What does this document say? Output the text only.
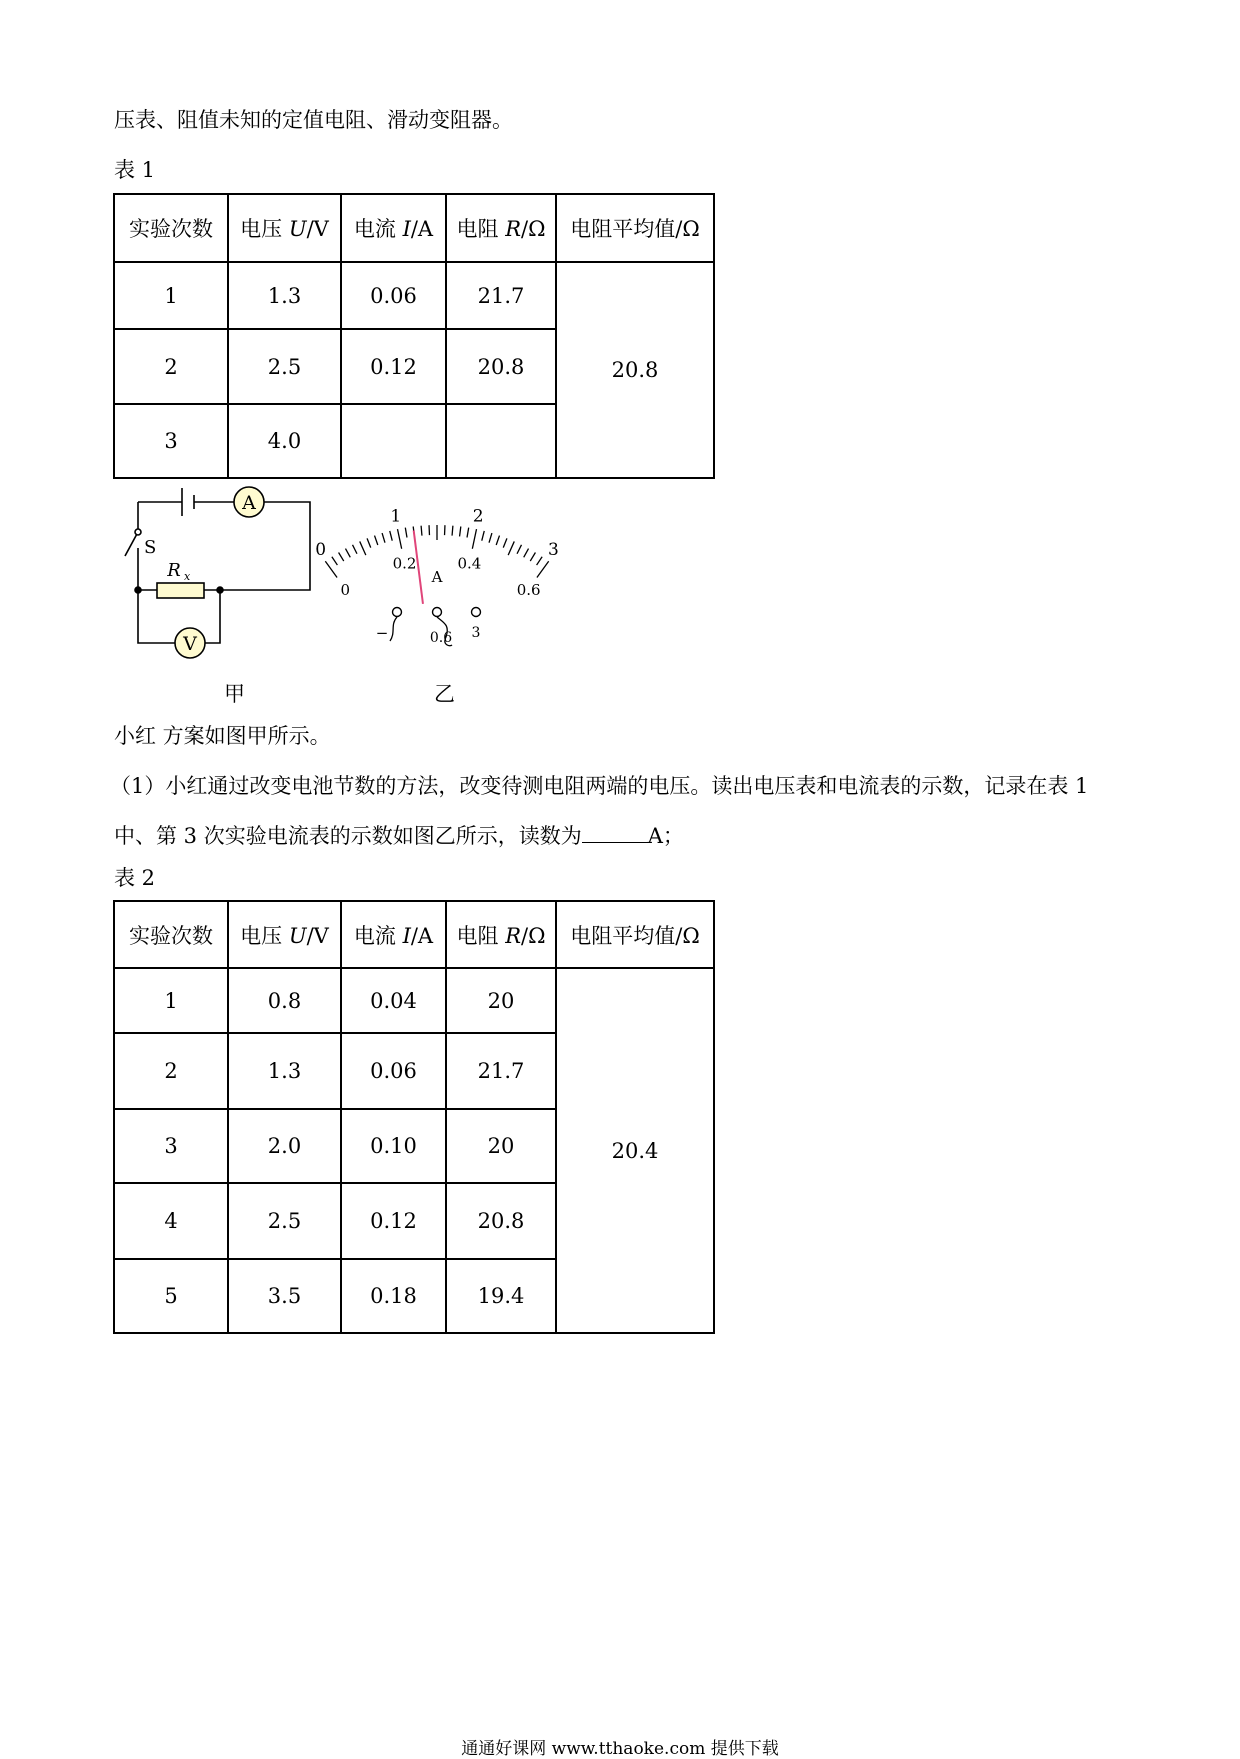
压表、阻值未知的定值电阻、滑动变阻器。
表 1
实验次数	电压 U/V	电流 I/A	电阻 R/Ω	电阻平均值/Ω
1	1.3	0.06	21.7	20.8
2	2.5	0.12	20.8	
3	4.0			
A
R x
V
S
甲
0
1	2
3
0
0.2	0.4
0.6
A
−	0.6 3
乙
小红 方案如图甲所示。
（1）小红通过改变电池节数的方法，改变待测电阻两端的电压。读出电压表和电流表的示数，记录在表 1
中、第 3 次实验电流表的示数如图乙所示，读数为	A；
表 2
实验次数	电压 U/V	电流 I/A	电阻 R/Ω	电阻平均值/Ω
1	0.8	0.04	20	20.4
2	1.3	0.06	21.7	
3	2.0	0.10	20	
4	2.5	0.12	20.8	
5	3.5	0.18	19.4	
通通好课网 www.tthaoke.com 提供下载
